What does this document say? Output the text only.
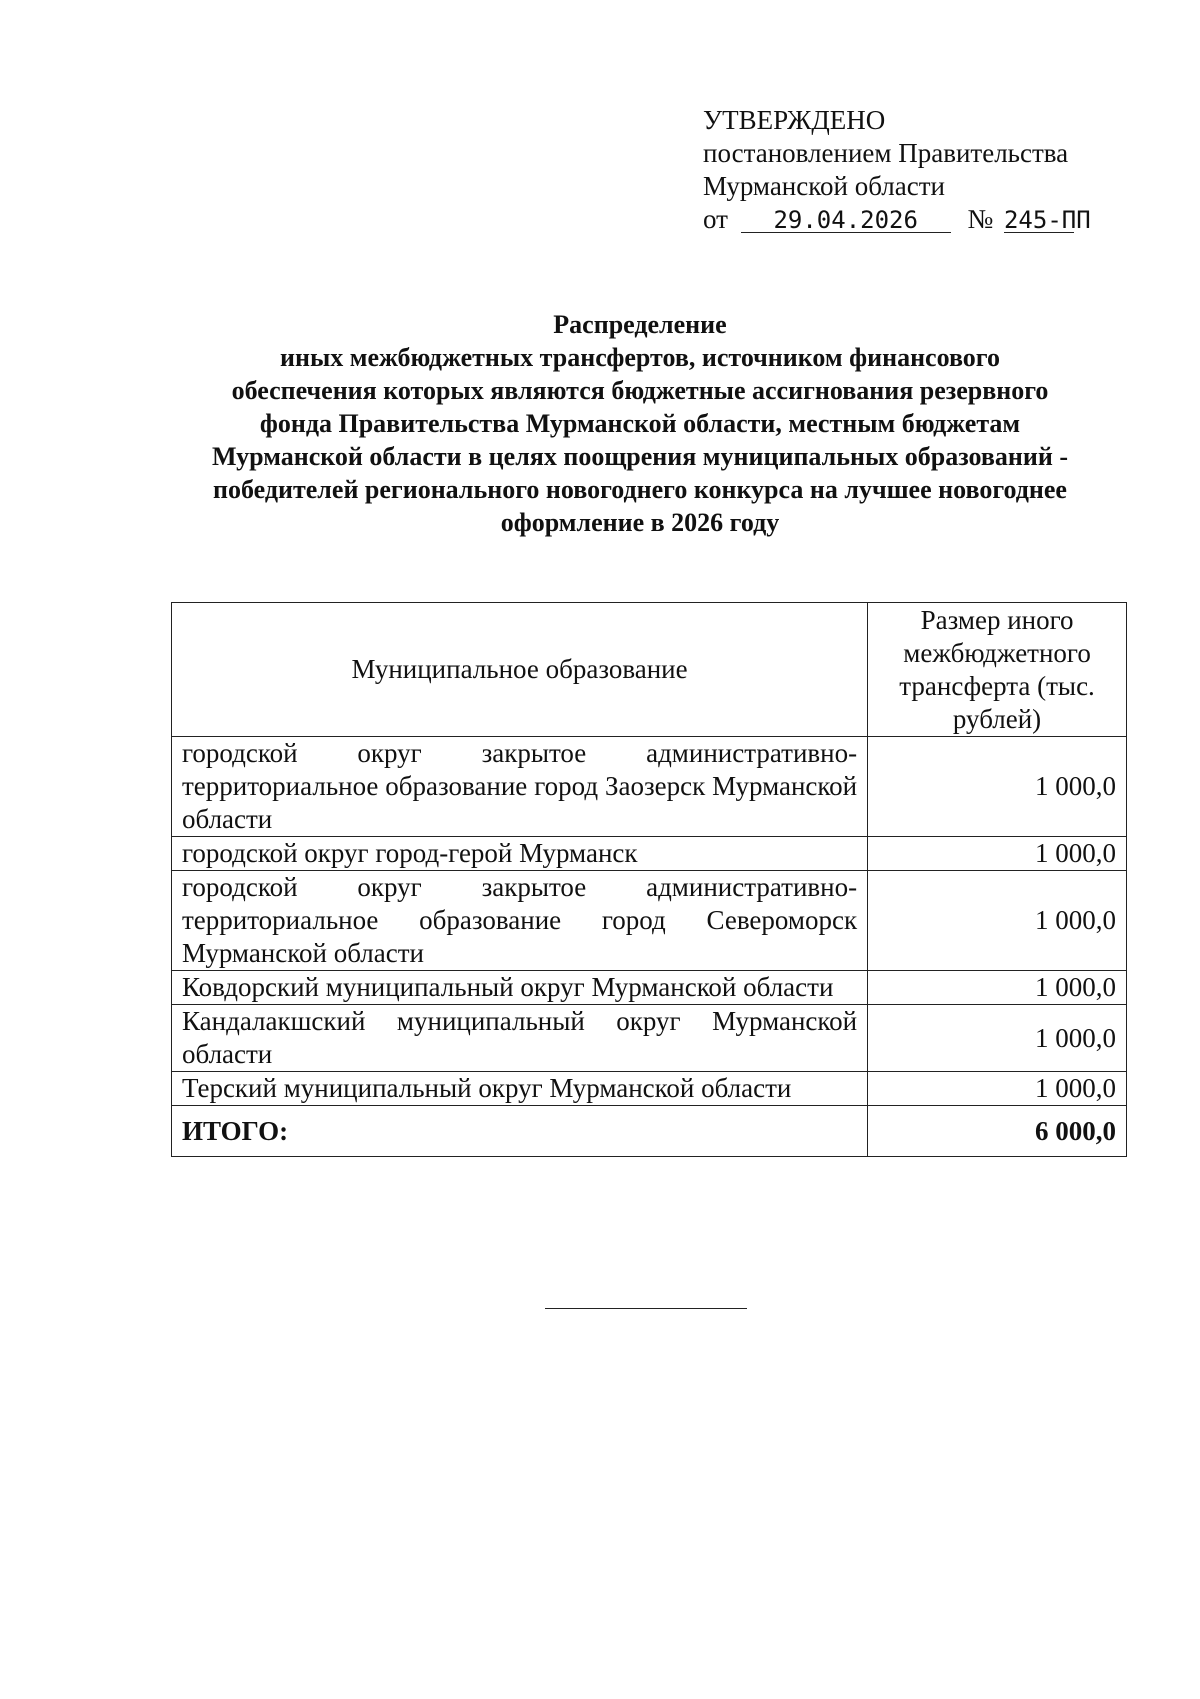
УТВЕРЖДЕНО
постановлением Правительства
Мурманской области
от 29.04.2026 № 245-ПП
Распределение
иных межбюджетных трансфертов, источником финансового
обеспечения которых являются бюджетные ассигнования резервного
фонда Правительства Мурманской области, местным бюджетам
Мурманской области в целях поощрения муниципальных образований -
победителей регионального новогоднего конкурса на лучшее новогоднее
оформление в 2026 году
Муниципальное образование	Размер иного межбюджетного трансферта (тыс. рублей)
городской округ закрытое административно-территориальное образование город Заозерск Мурманской области	1 000,0
городской округ город-герой Мурманск	1 000,0
городской округ закрытое административно-территориальное образование город Североморск Мурманской области	1 000,0
Ковдорский муниципальный округ Мурманской области	1 000,0
Кандалакшский муниципальный округ Мурманской области	1 000,0
Терский муниципальный округ Мурманской области	1 000,0
ИТОГО:	6 000,0
